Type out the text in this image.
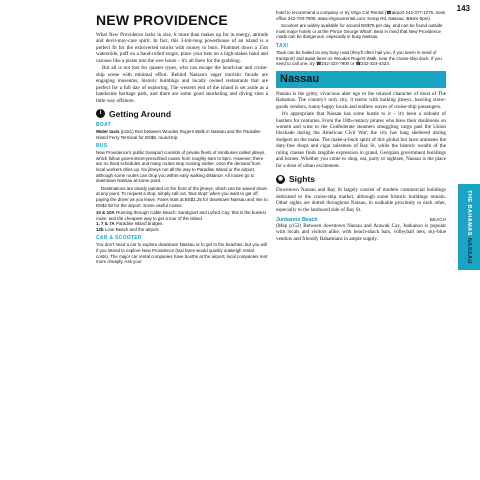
143
NEW PROVIDENCE

What New Providence lacks in size, it more than makes up for in energy, attitude and devil-may-care spirit. In fact, this 3-km-long powerhouse of an island is a perfect fit for the extroverted tourist with money to burn. Plummet down a 15m waterslide, puff on a hand-rolled stogie, place your bets on a high-stakes hand and carouse like a pirate into the wee hours – it's all there for the grabbing.

But all is not lost for quieter types, who can escape the beach-bar and cruise-ship scene with minimal effort. Behind Nassau's eager touristic facade are engaging museums, historic buildings and locally owned restaurants that are perfect for a full day of exploring. The western end of the island is set aside as a handsome heritage park, and there are some good snorkeling and diving sites a little way offshore.

i Getting Around
BOAT

Water taxis (p151) Run between Woodes Rogers Walk in Nassau and the Paradise Island Ferry Terminal for BS$8, round-trip.

BUS

New Providence's public transport consists of private fleets of minibuses called jitneys, which follow government-prescribed routes from roughly 6am to 8pm. However, there are no fixed schedules and many routes stop running earlier, once the demand from local workers dries up. No jitneys run all the way to Paradise Island or the airport, although some routes can drop you within easy walking distance. All routes go to downtown Nassau at some point.

Destinations are clearly painted on the front of the jitneys, which can be waved down at any point. To request a stop, simply call out, 'Bus stop!' when you want to get off, paying the driver as you leave. Fares start at BS$1.25 for downtown Nassau and rise to BS$2.50 for the airport. Some useful routes:

10 & 10A Running through Cable Beach; Sandyport and Lyford Cay; this is the busiest route, and the cheapest way to get a tour of the island.

1, 7 & 7A Paradise Island bridges.

12b Love Beach and the airport.

CAR & SCOOTER

You don't need a car to explore downtown Nassau or to get to the beaches, but you will if you intend to explore New Providence (taxi fares would quickly outweigh rental costs). The major car rental companies have booths at the airport; local companies rent more cheaply. Ask your

hotel to recommend a company or try Virgo Car Rental (☎airport 242-377-1275, main office 242-793-7900; www.virgocarrental.com; Kemp Rd, Nassau; ⊗9am-5pm).

Scooters are widely available for around BS$75 per day, and can be found outside most major hotels or at the Prince George Wharf. Bear in mind that New Providence roads can be dangerous, especially in busy Nassau.

TAXI

Taxis can be hailed on any busy road (they'll often hail you, if you seem in need of transport) and await fares on Woodes Rogers Walk, near the cruise-ship dock. If you need to call one, try ☎242-323-7900 or ☎242-323-4323.

Nassau

Nassau is the gritty, vivacious alter ego to the relaxed character of most of The Bahamas. The country's only city, it teems with barking jitneys, bawling straw-goods vendors, runny-happy locals and endless waves of cruise-ship passengers.

It's appropriate that Nassau has some hustle to it – it's been a redoubt of hustlers for centuries. From the 18th-century pirates who blew their doubloons on women and wine to the Confederate steamers smuggling cargo past the Union blockade during the American Civil War; the city has long sheltered daring dodgers on the make. The make-a-buck spirit of this global hot lawn animates the duty-free shops and cigar salesmen of Bay St, while the historic wealth of the ruling classes finds tangible expression in grand, Georgian government buildings and homes. Whether you come to shop, eat, party or sightsee, Nassau is the place for a dose of urban excitement.

◉ Sights

Downtown Nassau and Bay St largely consist of modern commercial buildings dedicated to the cruise-ship market, although some historic buildings remain. Other sights are dotted throughout Nassau, in walkable proximity to each other, especially to the landward side of Bay St.

Junkanoo Beach	BEACH

(Map p152) Between downtown Nassau and Arawak Cay, Junkanoo is popular with locals and visitors alike, with beach-shack bars, volleyball nets, sky-blue vendors and friendly Bahamians in ample supply.

THE BAHAMAS NASSAU
